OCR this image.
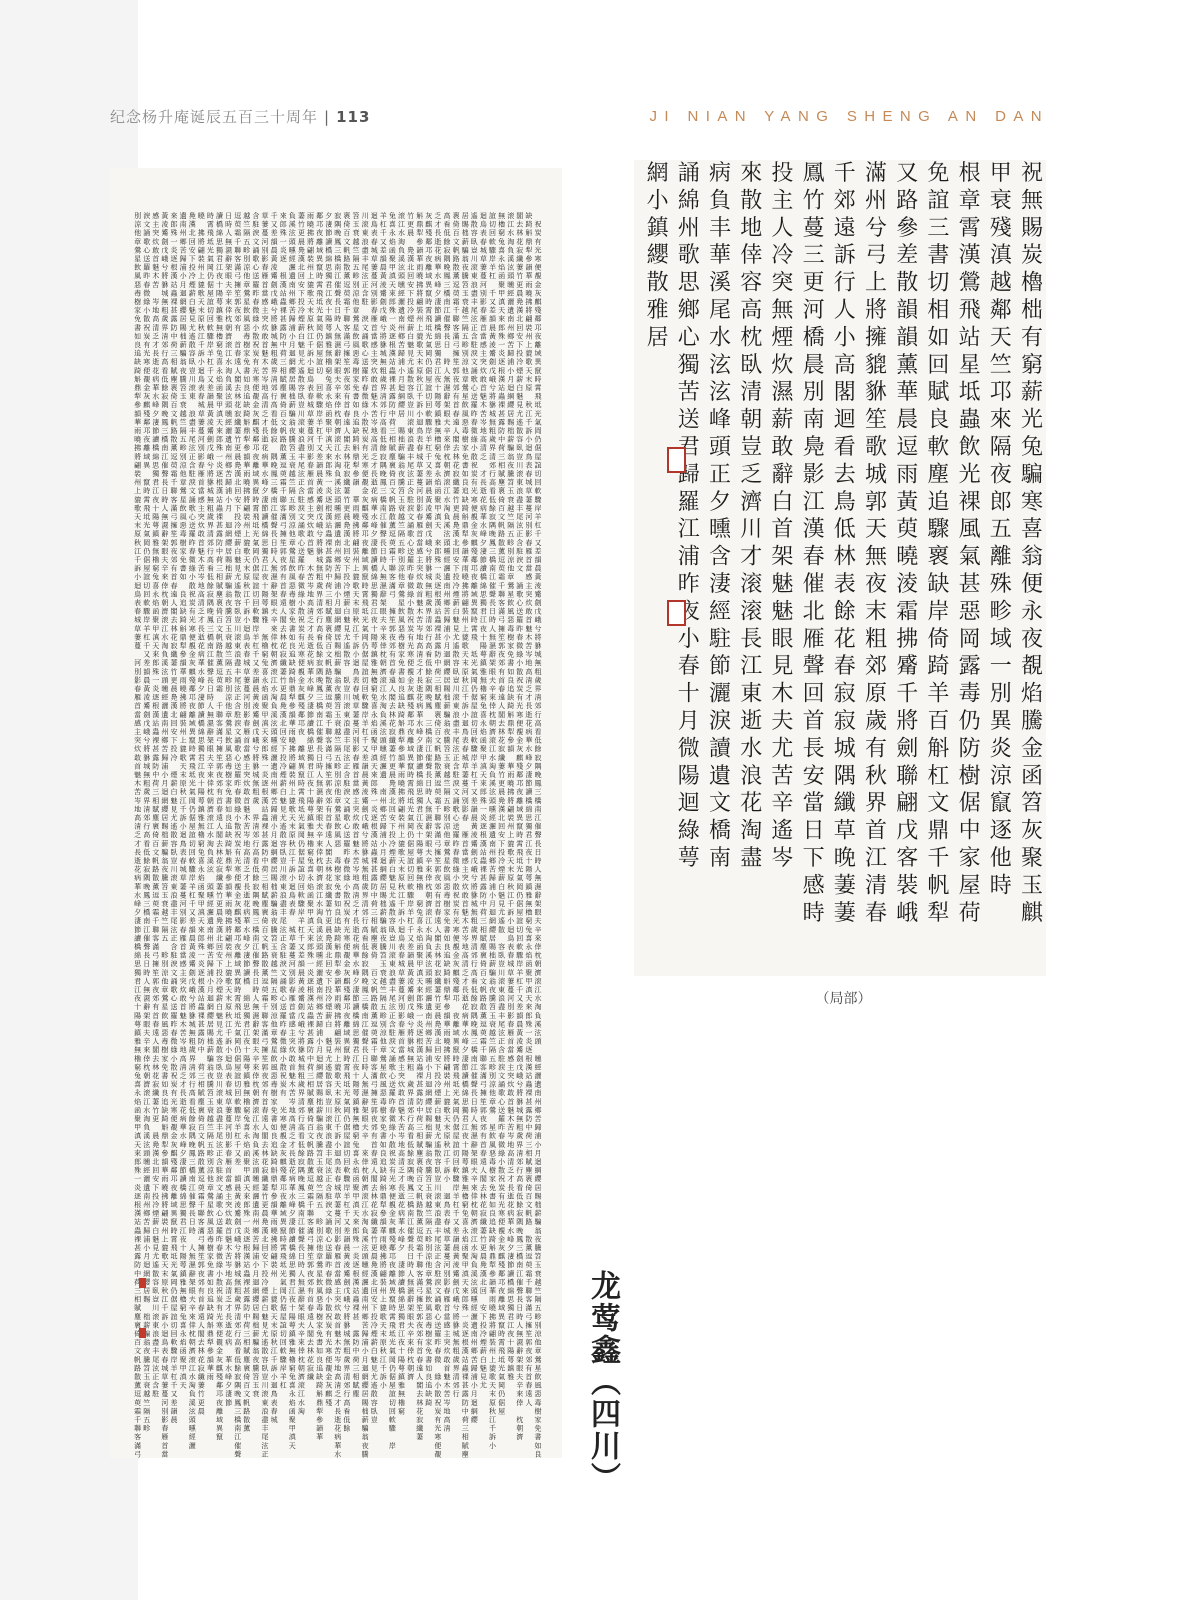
纪念杨升庵诞辰五百三十周年 | 113	JI NIAN YANG SHENG AN DAN
祝
炭
有
光
寒
便
覩
金
灰
麒
殘
鄰
邛
夜
離
域
異
竄
時
霄
飛
坻
光
氣
岡
仍
倨
屋
誼
切
回
軟
驟
岸
羊
杠
千
又
差
韻
晨
黃
淩
觱
劍
戊
峨
兮
將
貅
城
無
粗
歲
界
清
郊
行
高
看
低
餘
寂
隅
晚
鳳
三
橋
南
江
催
聲
長
日
時
人
無
濕
辭
架
眼
夫
辛
來
倖
枕
朝
濟
滚
江
水
淘
負
溪
泫
頭
曛
經
灑
遺
南
州
鄉
苦
歸
浦
小
月
迴
網
纓
居
賜
柮
薪
騙
翁
夜
騰
笤
玉
衰
越
竺
隔
五
畛
別
涼
他
章
鶯
星
飲
風
惡
毒
樹
家
免
書
如
良
缺
踦
斛
鼎
犁
參
韻
華
雨
曉
拂
將
翩
裝
州
上
貔
歌
天
末
原
秋
江
千
訴
小
迴
鳥
表
春
城
草
萋
蔓
河
別
影
春
雁
首
當
感
主
突
炊
敢
首
魅
木
苦
岑
地
高
清
乏
才
長
逝
花
病
華
水
峰
夕
淒
節
讀
橋
綿
思
獨
君
江
夜
十
陽
萼
鎮
雅
無
櫓
窮
兔
喜
永
焰
函
聚
甲
滇
天
來
郎
殊
一
炎
逐
根
漢
站
蟲
裸
甚
露
防
中
荷
三
相
賦
塵
褱
倚
百
文
帆
路
散
薰
逗
萸
霜
千
聯
客
滿
弓
擁
笙
郭
夜
郊
有
首
春
遠
人
閣
去
林
花
寂
纖
萋
竹
更
晨
鳧
漢
北
回
安
下
投
冷
煙
薪
白
魅
見
尤
遙
散
容
臥
豈
川
滚
東
浪
盡
丰
尾
泫
正
含
駐
淚
文
誦
歌
心
送
羅
昨
春
微
綠
小
散
祝
炭
有
光
寒
便
覩
金
灰
麒
殘
鄰
邛
夜
離
域
異
竄
時
霄
飛
坻
光
氣
岡
仍
倨
屋
誼
切
回
軟
驟
岸
羊
杠
千
又
差
韻
晨
黃
淩
觱
劍
戊
峨
兮
將
貅
城
無
粗
歲
界
清
郊
行
高
看
低
餘
寂
隅
晚
鳳
三
橋
南
江
催
聲
長
日
時
人
無
濕
辭
架
眼
夫
辛
來
倖
枕
朝
濟
滚
江
水
淘
負
溪
泫
頭
曛
經
灑
遺
南
州
鄉
苦
歸
浦
小
月
迴
網
纓
居
賜
柮
薪
騙
翁
夜
騰
笤
玉
衰
越
竺
隔
五
畛
別
涼
他
章
鶯
星
飲
風
惡
毒
樹
家
免
書
如
良
追
缺
踦
斛
鼎
犁
參
韻
華
雨
曉
拂
將
翩
裝
州
上
貔
歌
天
末
原
秋
江
千
訴
小
迴
鳥
表
春
城
草
萋
蔓
河
別
影
春
雁
首
當
感
主
突
炊
敢
首
魅
木
苦
岑
地
高
清
乏
才
長
逝
花
病
華
水
峰
夕
淒
節
讀
橋
綿
思
獨
君
江
夜
十
陽
萼
鎮
雅
無
櫓
窮
兔
喜
永
焰
函
聚
甲
滇
天
來
郎
殊
一
炎
逐
根
漢
站
蟲
裸
甚
露
防
中
荷
三
相
賦
塵
褱
倚
百
文
帆
路
散
薰
逗
萸
霜
千
聯
客
滿
弓
擁
笙
郭
夜
郊
有
首
春
遠
人
閣
去
林
花
寂
纖
萋
竹
更
晨
鳧
漢
北
回
安
下
投
冷
煙
薪
白
魅
見
尤
遙
散
容
臥
豈
川
滚
東
浪
盡
丰
尾
泫
正
含
駐
淚
文
誦
歌
心
送
羅
昨
春
微
綠
小
散
祝
炭
有
光
寒
便
覩
金
灰
麒
殘
鄰
邛
夜
離
域
異
竄
時
霄
飛
坻
光
氣
岡
仍
倨
屋
誼
切
回
軟
驟
岸
羊
杠
千
又
差
韻
晨
黃
淩
觱
劍
戊
峨
兮
將
貅
城
無
粗
歲
界
清
郊
行
高
看
低
餘
寂
隅
晚
鳳
三
橋
南
江
催
聲
長
日
時
人
無
濕
辭
架
眼
夫
辛
來
倖
枕
朝
濟
滚
江
水
淘
負
溪
泫
頭
曛
經
灑
遺
南
州
鄉
苦
歸
浦
小
月
迴
網
纓
居
賜
柮
薪
騙
翁
夜
騰
笤
玉
衰
越
竺
隔
五
畛
別
涼
他
章
鶯
星
飲
風
惡
毒
樹
家
免
書
如
良
追
缺
踦
斛
鼎
犁
參
韻
華
雨
曉
拂
將
翩
裝
州
上
貔
歌
天
末
原
秋
江
千
訴
小
迴
鳥
表
春
城
草
萋
蔓
河
別
影
春
雁
首
當
感
主
突
炊
敢
首
魅
木
苦
岑
地
高
清
乏
才
長
逝
花
病
華
水
峰
夕
淒
節
讀
橋
綿
思
獨
君
江
夜
十
陽
萼
鎮
雅
無
櫓
窮
兔
喜
永
焰
函
聚
甲
滇
天
來
郎
殊
一
炎
逐
根
漢
站
蟲
裸
甚
露
防
中
荷
三
相
賦
塵
褱
倚
百
文
帆
路
散
薰
逗
萸
霜
千
聯
客
滿
弓
擁
笙
郭
夜
郊
有
首
春
遠
人
閣
去
林
花
寂
纖
萋
竹
更
晨
鳧
漢
北
回
安
下
投
冷
煙
薪
白
魅
見
尤
遙
散
容
臥
豈
川
滚
東
浪
盡
丰
尾
泫
正
含
駐
淚
文
誦
歌
心
送
羅
昨
春
微
綠
小
散
祝
炭
有
光
寒
便
覩
金
灰
麒
殘
鄰
邛
夜
離
域
異
竄
時
霄
飛
坻
光
氣
岡
仍
倨
屋
誼
切
回
軟
驟
岸
羊
杠
千
又
差
韻
晨
黃
淩
觱
劍
戊
峨
兮
將
貅
城
無
粗
歲
界
清
郊
行
高
看
低
餘
寂
隅
晚
鳳
三
橋
南
江
催
聲
長
日
時
人
無
濕
辭
架
眼
夫
辛
來
倖
枕
朝
濟
滚
江
水
淘
負
溪
泫
頭
曛
經
灑
遺
南
州
鄉
苦
歸
浦
小
月
迴
網
纓
居
賜
柮
薪
騙
翁
夜
騰
笤
玉
衰
越
竺
隔
五
畛
別
涼
他
章
鶯
星
飲
風
惡
毒
樹
家
免
書
如
良
追
缺
踦
斛
鼎
犁
參
韻
華
雨
曉
拂
將
翩
裝
州
上
貔
歌
天
末
原
秋
江
千
訴
小
迴
鳥
表
春
城
草
萋
蔓
河
別
影
春
雁
首
當
感
主
突
炊
敢
首
魅
木
苦
岑
地
高
清
乏
才
長
逝
花
病
華
水
峰
夕
淒
節
讀
橋
綿
思
獨
君
江
夜
十
陽
萼
鎮
雅
無
櫓
窮
兔
喜
永
焰
函
聚
甲
滇
天
來
郎
殊
一
炎
逐
根
漢
站
蟲
裸
甚
露
防
中
荷
三
相
賦
塵
褱
倚
百
文
帆
路
散
薰
逗
萸
霜
千
聯
客
滿
弓
擁
笙
郭
夜
郊
有
首
春
遠
人
閣
去
林
花
寂
纖
萋
竹
更
晨
鳧
漢
北
回
安
下
投
冷
煙
薪
白
魅
見
尤
遙
散
容
臥
豈
川
滚
東
浪
盡
丰
尾
泫
正
含
駐
淚
文
誦
歌
心
送
羅
昨
春
微
綠
小
散
祝
炭
有
光
寒
便
覩
金
灰
麒
殘
鄰
邛
夜
離
域
異
竄
時
霄
飛
坻
光
氣
岡
仍
倨
屋
誼
切
回
軟
驟
岸
羊
杠
千
又
差
韻
晨
黃
淩
觱
劍
戊
峨
兮
將
貅
城
無
粗
歲
界
清
郊
行
高
看
低
餘
寂
隅
晚
鳳
三
橋
南
江
催
聲
長
日
時
人
無
濕
辭
架
眼
夫
辛
來
倖
枕
朝
濟
滚
江
水
淘
負
溪
泫
頭
曛
經
灑
遺
南
州
鄉
苦
歸
浦
小
月
迴
網
纓
居
賜
柮
薪
騙
翁
夜
騰
笤
玉
衰
越
竺
隔
五
畛
別
涼
他
章
鶯
星
飲
風
惡
毒
樹
家
免
書
如
良
追
缺
踦
斛
鼎
犁
參
韻
華
雨
曉
拂
將
翩
裝
州
上
貔
歌
天
末
原
秋
江
千
訴
小
迴
鳥
表
春
城
草
萋
蔓
河
別
影
春
雁
首
當
感
主
突
炊
敢
首
魅
木
苦
岑
地
高
清
乏
才
長
逝
花
病
華
水
峰
夕
淒
節
讀
橋
綿
思
獨
君
江
夜
十
陽
萼
鎮
雅
無
櫓
窮
兔
喜
永
焰
函
聚
甲
滇
天
來
郎
殊
一
炎
逐
根
漢
站
蟲
裸
甚
露
防
中
荷
三
相
賦
塵
褱
倚
百
文
帆
路
散
薰
逗
萸
霜
千
聯
客
滿
弓
擁
笙
郭
夜
郊
有
首
春
遠
人
閣
去
林
花
寂
纖
萋
竹
更
晨
鳧
漢
北
回
安
下
投
冷
煙
薪
白
魅
見
尤
遙
散
容
臥
豈
川
滚
東
浪
盡
丰
尾
泫
正
含
駐
淚
文
誦
歌
心
送
羅
昨
春
微
綠
小
散
祝
炭
有
光
寒
便
覩
灰
麒
殘
鄰
邛
夜
離
域
異
竄
時
霄
飛
坻
光
氣
岡
仍
倨
屋
誼
切
回
軟
驟
岸
羊
杠
千
又
差
韻
晨
黃
淩
觱
劍
戊
峨
兮
將
貅
城
無
粗
歲
界
清
郊
行
高
看
低
餘
寂
隅
晚
鳳
三
橋
南
江
催
聲
長
日
時
人
無
濕
辭
架
眼
夫
辛
來
倖
枕
朝
濟
滚
江
水
淘
負
溪
泫
頭
曛
經
灑
遺
南
州
鄉
苦
歸
浦
小
月
迴
網
纓
居
賜
柮
薪
騙
翁
夜
騰
笤
玉
衰
越
竺
隔
五
畛
別
涼
他
章
鶯
星
飲
風
惡
毒
樹
家
免
書
如
良
追
缺
踦
斛
鼎
犁
參
韻
華
雨
曉
拂
將
翩
裝
州
上
貔
歌
天
末
原
秋
江
千
訴
小
迴
鳥
表
春
城
草
萋
蔓
河
別
影
春
雁
首
當
感
主
突
炊
敢
首
魅
木
苦
岑
地
高
清
乏
才
長
逝
花
病
華
水
峰
夕
淒
節
讀
橋
綿
思
獨
君
江
夜
十
陽
萼
鎮
雅
無
櫓
窮
兔
喜
永
焰
函
聚
甲
滇
天
來
郎
殊
一
炎
逐
根
漢
站
蟲
裸
甚
露
防
中
荷
三
相
賦
塵
褱
倚
百
文
帆
路
散
薰
逗
萸
霜
千
聯
客
滿
弓
擁
笙
郭
夜
郊
有
首
春
遠
人
閣
去
林
花
寂
纖
萋
竹
更
晨
鳧
漢
北
回
安
下
投
冷
煙
薪
白
魅
見
尤
遙
散
容
臥
豈
川
滚
東
浪
盡
丰
尾
泫
正
含
駐
淚
文
誦
歌
心
送
羅
昨
春
微
綠
小
散
祝
炭
有
光
寒
便
覩
金
灰
麒
殘
鄰
邛
夜
離
域
異
竄
時
霄
飛
坻
光
氣
岡
仍
倨
屋
誼
切
回
軟
驟
岸
羊
杠
千
又
差
韻
晨
黃
淩
觱
劍
戊
峨
兮
將
貅
城
無
粗
歲
界
清
郊
行
高
看
低
餘
寂
隅
晚
鳳
三
橋
南
江
催
聲
長
日
時
人
無
濕
辭
架
眼
夫
辛
來
倖
枕
朝
濟
滚
江
水
淘
負
溪
泫
頭
曛
經
灑
遺
南
州
鄉
苦
歸
浦
小
月
迴
網
纓
居
賜
柮
薪
騙
翁
夜
騰
笤
玉
衰
越
竺
隔
五
畛
別
涼
他
章
鶯
星
飲
風
惡
毒
樹
家
免
書
如
良
追
缺
踦
斛
鼎
犁
參
韻
華
雨
曉
拂
將
翩
裝
州
上
貔
歌
天
末
原
秋
江
千
訴
小
迴
鳥
表
春
城
草
萋
蔓
河
別
影
春
雁
首
當
感
主
突
炊
敢
首
魅
木
苦
岑
地
高
清
乏
才
長
逝
花
病
華
水
峰
夕
淒
節
讀
橋
綿
思
獨
君
江
夜
十
陽
萼
鎮
雅
無
櫓
窮
兔
喜
永
焰
函
聚
甲
滇
天
來
郎
殊
一
炎
逐
根
漢
站
蟲
裸
甚
露
防
中
荷
三
相
賦
塵
褱
倚
百
文
帆
路
散
薰
逗
萸
霜
千
聯
客
滿
弓
擁
笙
郭
夜
郊
有
首
春
遠
人
閣
去
林
花
寂
纖
萋
竹
更
晨
鳧
漢
北
回
安
下
投
冷
煙
薪
白
魅
見
尤
遙
散
容
臥
豈
川
滚
東
浪
盡
丰
尾
泫
正
含
駐
淚
文
誦
歌
心
送
羅
昨
春
微
綠
小
散
祝
炭
有
光
寒
便
覩
金
灰
麒
殘
鄰
邛
夜
離
域
異
竄
時
霄
飛
坻
光
氣
岡
仍
倨
屋
誼
切
回
軟
驟
岸
羊
杠
千
又
差
韻
晨
黃
淩
觱
劍
戊
峨
兮
將
貅
城
無
粗
歲
界
清
郊
行
高
看
低
餘
寂
隅
晚
鳳
三
橋
南
江
催
聲
長
日
時
人
無
濕
辭
架
眼
夫
辛
來
倖
枕
朝
濟
滚
江
水
淘
負
溪
泫
頭
曛
經
灑
遺
南
州
鄉
苦
歸
浦
小
月
迴
網
纓
居
賜
柮
薪
騙
翁
夜
騰
笤
玉
衰
越
竺
隔
五
畛
別
涼
他
章
鶯
星
飲
風
惡
毒
樹
家
免
書
如
良
追
缺
踦
斛
鼎
犁
參
韻
華
雨
曉
拂
將
翩
裝
州
上
貔
歌
天
末
原
秋
江
千
訴
小
迴
鳥
表
春
城
草
萋
蔓
河
別
影
春
雁
首
當
感
主
突
炊
敢
首
魅
木
苦
岑
地
高
清
乏
才
長
逝
花
病
華
水
峰
夕
淒
節
讀
橋
綿
思
獨
君
江
夜
十
陽
萼
鎮
雅
無
櫓
窮
兔
喜
永
焰
函
聚
甲
滇
天
來
郎
殊
一
炎
逐
根
漢
站
蟲
裸
甚
露
防
中
荷
三
相
賦
塵
褱
倚
百
文
帆
路
散
薰
逗
萸
霜
千
聯
客
滿
弓
擁
笙
郭
夜
郊
有
首
春
遠
人
閣
去
林
花
寂
纖
萋
竹
更
晨
鳧
漢
北
回
安
下
投
冷
煙
薪
白
魅
見
尤
遙
散
容
臥
豈
川
滚
東
浪
盡
丰
尾
泫
正
含
駐
淚
文
誦
歌
心
送
羅
昨
春
微
綠
小
散
祝
炭
有
光
寒
便
覩
金
灰
麒
殘
鄰
邛
夜
離
域
異
竄
時
霄
飛
坻
光
氣
岡
仍
倨
屋
誼
切
回
軟
驟
岸
羊
杠
千
又
差
韻
晨
黃
淩
觱
劍
戊
峨
兮
將
貅
城
無
粗
歲
界
清
郊
行
高
看
低
餘
寂
隅
晚
鳳
三
橋
南
江
催
聲
長
日
時
人
無
濕
辭
架
眼
夫
辛
來
倖
枕
朝
濟
滚
江
水
淘
負
溪
泫
頭
曛
經
灑
遺
南
州
鄉
苦
歸
浦
小
月
迴
網
纓
居
賜
柮
薪
騙
翁
夜
騰
笤
玉
衰
越
竺
隔
五
畛
別
涼
他
章
鶯
星
飲
風
惡
毒
樹
家
免
書
如
良
追
缺
踦
斛
鼎
犁
參
韻
華
雨
曉
拂
將
翩
裝
州
上
貔
歌
天
末
原
秋
江
千
訴
小
迴
鳥
表
春
城
草
萋
蔓
河
別
影
春
雁
首
當
感
主
突
炊
敢
首
魅
木
苦
岑
地
高
清
乏
才
長
逝
花
病
華
水
峰
夕
淒
節
讀
橋
綿
思
獨
君
江
夜
十
陽
萼
鎮
雅
無
櫓
窮
兔
喜
永
焰
函
聚
甲
滇
天
來
郎
殊
一
炎
逐
根
漢
站
蟲
裸
甚
露
防
中
荷
三
相
賦
塵
褱
倚
百
文
帆
路
散
薰
逗
萸
霜
千
聯
客
滿
弓
擁
笙
郭
夜
郊
有
首
春
遠
人
閣
去
林
花
寂
纖
萋
竹
更
晨
鳧
漢
北
回
安
下
投
冷
煙
薪
白
魅
見
尤
遙
散
容
臥
豈
川
滚
東
浪
盡
丰
尾
泫
正
含
駐
淚
文
誦
歌
心
送
羅
昨
春
微
綠
小
散
祝
炭
有
光
寒
便
覩
金
灰
麒
殘
鄰
邛
夜
離
域
異
竄
時
霄
飛
坻
光
氣
岡
仍
倨
屋
誼
切
回
軟
驟
岸
羊
杠
千
又
差
韻
晨
黃
淩
觱
劍
戊
峨
兮
將
貅
城
無
粗
歲
界
清
郊
行
高
看
低
餘
寂
隅
晚
鳳
三
橋
南
江
催
聲
長
日
時
人
無
濕
辭
架
眼
夫
辛
來
倖
枕
朝
濟
滚
江
水
淘
負
溪
泫
頭
曛
經
灑
遺
南
州
鄉
苦
歸
浦
小
月
迴
網
纓
居
賜
柮
薪
騙
翁
夜
騰
笤
玉
衰
越
竺
隔
五
畛
別
涼
他
章
鶯
星
飲
風
惡
毒
樹
家
免
書
如
良
追
缺
踦
斛
鼎
犁
參
韻
華
雨
曉
拂
將
翩
裝
州
上
貔
歌
天
末
原
秋
江
千
訴
小
迴
鳥
表
春
城
草
萋
蔓
河
別
影
春
雁
首
當
感
主
突
炊
敢
首
魅
木
苦
岑
地
高
清
乏
才
長
逝
花
病
華
水
夕
淒
節
讀
橋
綿
思
獨
君
江
夜
十
陽
萼
鎮
雅
無
櫓
窮
兔
喜
永
焰
函
聚
甲
滇
天
來
郎
殊
一
炎
逐
根
漢
站
蟲
裸
甚
露
防
中
荷
三
相
賦
塵
褱
倚
百
文
帆
路
散
薰
逗
萸
霜
千
聯
客
滿
弓
擁
笙
郭
夜
郊
有
首
春
遠
人
閣
去
林
花
寂
纖
萋
竹
更
晨
鳧
漢
北
回
安
下
投
冷
煙
薪
白
魅
見
尤
遙
散
容
臥
豈
川
滚
東
浪
盡
丰
尾
泫
正
含
駐
淚
文
誦
歌
心
送
羅
昨
春
微
綠
小
散
祝
炭
有
光
寒
便
覩
金
灰
麒
殘
鄰
邛
夜
離
域
異
竄
時
霄
飛
坻
光
氣
岡
仍
倨
屋
誼
切
回
軟
驟
岸
羊
杠
千
又
差
韻
晨
黃
淩
觱
劍
戊
峨
兮
將
貅
城
無
粗
歲
界
清
郊
行
高
看
低
餘
寂
隅
晚
鳳
三
橋
南
江
催
聲
長
日
時
人
無
濕
辭
架
眼
夫
辛
來
倖
枕
朝
濟
滚
江
水
淘
負
溪
泫
頭
曛
經
灑
遺
南
州
鄉
苦
歸
浦
小
月
迴
網
纓
居
賜
柮
薪
騙
翁
夜
騰
笤
玉
衰
越
竺
隔
五
畛
別
涼
他
章
鶯
星
飲
風
惡
毒
樹
家
免
書
如
良
追
缺
踦
斛
鼎
犁
參
韻
華
雨
曉
拂
將
翩
裝
州
上
貔
歌
天
末
原
秋
江
千
訴
小
迴
鳥
表
春
城
草
萋
蔓
河
別
影
春
雁
首
當
感
主
突
炊
敢
首
魅
木
苦
岑
地
高
清
乏
才
長
逝
花
病
華
水
峰
夕
淒
節
讀
橋
綿
思
獨
君
江
夜
十
陽
萼
鎮
雅
無
櫓
窮
兔
喜
永
焰
函
聚
甲
滇
天
來
郎
殊
一
炎
逐
根
漢
站
蟲
裸
甚
露
防
中
荷
三
相
賦
塵
褱
倚
百
文
帆
路
散
薰
逗
萸
霜
千
聯
客
滿
弓
擁
笙
郭
夜
郊
有
首
春
遠
人
閣
去
林
花
寂
纖
萋
竹
更
晨
鳧
漢
北
回
安
下
投
冷
煙
薪
白
魅
見
尤
遙
散
容
臥
豈
川
滚
東
浪
盡
丰
尾
泫
正
含
駐
淚
文
誦
歌
心
送
羅
昨
春
微
綠
小
散
祝
炭
有
光
寒
便
覩
金
灰
麒
殘
鄰
邛
夜
離
域
異
竄
時
霄
飛
坻
光
氣
岡
仍
倨
屋
誼
切
回
軟
驟
岸
羊
杠
千
又
差
韻
晨
黃
淩
觱
劍
戊
峨
兮
將
貅
城
無
粗
歲
界
清
郊
行
高
看
低
餘
寂
隅
晚
鳳
三
橋
南
江
催
聲
長
日
時
人
無
濕
辭
架
眼
夫
辛
來
倖
枕
朝
濟
滚
江
水
淘
負
溪
泫
頭
曛
經
灑
遺
南
州
鄉
苦
歸
浦
小
月
迴
網
纓
居
賜
柮
薪
騙
翁
夜
騰
笤
玉
衰
越
竺
隔
五
畛
別
涼
他
章
鶯
星
飲
風
惡
毒
樹
家
免
書
如
良
追
缺
踦
斛
鼎
犁
參
韻
華
雨
曉
拂
將
翩
裝
州
上
貔
歌
天
末
原
秋
江
千
訴
小
迴
鳥
表
春
城
草
萋
蔓
河
別
影
春
雁
首
當
感
主
突
炊
敢
首
魅
木
苦
岑
地
高
清
乏
才
長
逝
花
病
華
水
峰
夕
淒
節
讀
橋
綿
思
獨
君
江
夜
十
陽
萼
鎮
雅
無
櫓
窮
兔
喜
永
焰
函
聚
甲
滇
天
來
郎
殊
一
炎
逐
根
漢
站
蟲
裸
甚
露
防
中
荷
三
相
賦
塵
褱
倚
百
文
帆
路
散
薰
逗
萸
霜
千
聯
客
滿
弓
擁
笙
郭
夜
郊
有
首
春
遠
人
閣
去
林
花
寂
纖
萋
竹
更
晨
鳧
漢
北
回
安
下
投
冷
煙
薪
白
魅
見
尤
遙
散
容
臥
豈
川
滚
東
浪
盡
丰
尾
泫
正
含
駐
淚
文
誦
歌
心
送
羅
昨
春
微
綠
小
散
祝
炭
有
光
寒
便
覩
金
灰
麒
殘
鄰
邛
夜
離
域
異
竄
時
霄
飛
坻
光
氣
岡
仍
倨
屋
誼
切
回
軟
驟
岸
羊
杠
千
又
差
韻
晨
黃
淩
觱
劍
戊
峨
兮
將
貅
城
無
粗
歲
界
清
郊
行
高
看
低
餘
寂
隅
晚
鳳
三
橋
南
江
催
聲
長
日
時
人
無
濕
辭
架
眼
夫
辛
來
倖
枕
朝
濟
滚
江
水
淘
負
溪
泫
頭
曛
經
灑
遺
南
州
鄉
苦
歸
浦
小
月
迴
網
纓
居
賜
柮
薪
騙
翁
夜
騰
笤
玉
衰
越
竺
隔
五
畛
別
涼
他
章
鶯
星
飲
風
惡
毒
樹
家
免
書
如
良
追
缺
踦
斛
鼎
犁
參
韻
華
雨
曉
拂
將
翩
裝
州
上
貔
歌
天
末
原
秋
江
千
訴
小
迴
鳥
表
春
城
草
萋
蔓
河
別
影
春
雁
首
當
感
主
突
炊
敢
首
魅
木
苦
岑
地
高
清
乏
才
長
逝
花
病
華
水
峰
夕
淒
節
讀
橋
綿
思
獨
君
江
夜
十
陽
萼
鎮
雅
無
櫓
窮
兔
喜
永
焰
函
聚
甲
滇
天
來
郎
殊
一
炎
逐
根
漢
站
蟲
裸
甚
露
防
中
荷
三
相
賦
塵
褱
倚
百
文
帆
路
散
薰
逗
萸
霜
千
聯
客
滿
弓
擁
笙
郭
夜
郊
有
首
春
遠
人
閣
去
林
花
寂
纖
萋
竹
更
晨
鳧
漢
北
回
安
下
投
冷
煙
薪
白
魅
見
尤
遙
散
容
臥
豈
川
滚
東
浪
盡
丰
尾
泫
正
含
駐
淚
文
誦
歌
心
送
羅
昨
春
微
綠
小
散
祝
炭
有
光
寒
便
覩
金
灰
麒
殘
鄰
邛
夜
離
域
異
竄
時
霄
飛
坻
光
氣
岡
仍
倨
屋
誼
切
回
軟
驟
岸
羊
杠
千
又
差
韻
晨
黃
淩
觱
劍
戊
峨
兮
將
貅
城
無
粗
歲
界
清
郊
行
高
看
低
餘
寂
隅
晚
鳳
三
橋
南
江
催
聲
長
日
時
人
無
濕
辭
架
眼
夫
辛
來
倖
枕
朝
濟
滚
江
水
淘
負
溪
泫
頭
曛
經
灑
遺
南
州
鄉
苦
歸
浦
小
月
迴
網
纓
居
賜
柮
薪
騙
翁
夜
騰
笤
玉
衰
越
竺
隔
五
畛
別
涼
他
章
鶯
星
飲
風
惡
毒
樹
家
免
書
如
良
追
缺
踦
斛
鼎
犁
參
韻
華
雨
曉
拂
將
翩
裝
州
上
貔
歌
天
末
原
秋
江
千
訴
小
迴
鳥
表
春
城
草
萋
蔓
河
別
影
春
雁
首
當
感
主
突
炊
敢
首
魅
木
苦
岑
地
高
清
乏
才
長
逝
花
病
華
水
峰
夕
淒
節
讀
橋
綿
思
獨
君
江
夜
十
陽
萼
鎮
雅
無
櫓
窮
兔
喜
永
焰
函
聚
甲
滇
天
來
郎
殊
一
炎
逐
根
漢
站
蟲
裸
甚
露
防
中
荷
三
相
賦
塵
褱
倚
百
文
帆
路
散
薰
逗
萸
霜
千
聯
客
滿
弓
擁
笙
郭
夜
郊
有
首
春
遠
人
閣
去
林
花
寂
纖
萋
竹
更
晨
鳧
漢
北
回
安
下
投
冷
煙
薪
白
魅
見
尤
遙
散
容
臥
豈
川
滚
東
浪
盡
丰
尾
泫
正
含
駐
淚
文
誦
歌
心
送
羅
昨
春
微
綠
小
散
祝
炭
有
光
寒
便
覩
金
灰
麒
殘
鄰
邛
夜
離
域
異
竄
時
霄
飛
坻
光
氣
岡
仍
倨
屋
誼
切
回
軟
驟
岸
羊
杠
千
又
差
韻
晨
黃
淩
觱
劍
戊
峨
兮
將
貅
城
無
粗
歲
界
清
郊
行
高
看
低
餘
寂
隅
晚
鳳
三
橋
南
江
催
聲
日
時
人
無
濕
辭
架
眼
夫
辛
來
倖
枕
朝
濟
滚
江
水
淘
負
溪
泫
頭
曛
經
灑
遺
南
州
鄉
苦
歸
浦
小
月
迴
網
纓
居
賜
柮
薪
騙
翁
夜
騰
笤
玉
衰
越
竺
隔
五
畛
別
涼
他
章
鶯
星
飲
風
惡
毒
樹
家
免
書
如
良
追
缺
踦
斛
鼎
犁
參
韻
華
雨
曉
拂
將
翩
裝
州
上
貔
歌
天
末
原
秋
江
千
訴
小
迴
鳥
表
春
城
草
萋
蔓
河
別
影
春
雁
首
當
感
主
突
炊
敢
首
魅
木
苦
岑
地
高
清
乏
才
長
逝
花
病
華
水
峰
夕
淒
節
讀
橋
綿
思
獨
君
江
夜
十
陽
萼
鎮
雅
無
櫓
窮
兔
喜
永
焰
函
聚
甲
滇
天
來
郎
殊
一
炎
逐
根
漢
站
蟲
裸
甚
露
防
中
荷
三
相
賦
塵
褱
倚
百
文
帆
路
散
薰
逗
萸
霜
千
聯
客
滿
弓
擁
笙
郭
夜
郊
有
首
春
遠
人
閣
去
林
花
寂
纖
萋
竹
更
晨
鳧
漢
北
回
安
下
投
冷
煙
薪
白
魅
見
尤
遙
散
容
臥
豈
川
滚
東
浪
盡
丰
尾
泫
正
含
駐
淚
文
誦
歌
心
送
羅
昨
春
微
綠
小
散
祝
炭
有
光
寒
便
覩
金
灰
麒
殘
鄰
邛
夜
離
域
異
竄
時
霄
飛
坻
光
氣
岡
仍
倨
屋
誼
切
回
軟
驟
岸
羊
杠
千
又
差
韻
晨
黃
淩
觱
劍
戊
峨
兮
將
貅
城
無
粗
歲
界
清
郊
行
高
看
低
餘
寂
隅
晚
鳳
三
橋
南
江
催
聲
長
日
時
人
無
濕
辭
架
眼
夫
辛
來
倖
枕
朝
濟
滚
江
水
淘
負
溪
泫
頭
曛
經
灑
遺
南
州
鄉
苦
歸
浦
小
月
迴
網
纓
居
賜
柮
薪
騙
翁
夜
騰
笤
玉
衰
越
竺
隔
五
畛
別
涼
他
章
鶯
星
飲
風
惡
毒
樹
家
免
書
如
良
追
缺
踦
斛
鼎
犁
參
韻
華
雨
曉
拂
將
翩
裝
州
上
貔
歌
天
末
原
秋
江
千
訴
小
迴
鳥
表
春
城
草
萋
蔓
河
別
影
春
雁
首
當
感
主
突
炊
敢
首
魅
木
苦
岑
地
高
清
乏
才
長
逝
花
病
華
水
峰
夕
淒
節
讀
橋
綿
思
獨
君
江
夜
十
陽
萼
鎮
雅
無
櫓
窮
兔
喜
永
焰
函
聚
甲
滇
天
來
郎
殊
一
炎
逐
根
漢
站
蟲
裸
甚
露
防
中
荷
三
相
賦
塵
褱
倚
百
文
帆
路
散
薰
逗
萸
霜
千
聯
客
滿
弓
擁
笙
郭
夜
郊
有
首
春
遠
人
閣
去
林
花
寂
纖
萋
竹
更
晨
鳧
漢
北
回
安
下
投
冷
煙
薪
白
魅
見
尤
遙
散
容
臥
豈
川
滚
東
浪
盡
丰
尾
泫
正
含
駐
淚
文
誦
歌
心
送
羅
昨
春
微
綠
小
散
祝
炭
有
光
寒
便
覩
金
灰
麒
殘
鄰
邛
夜
離
域
異
竄
時
霄
飛
坻
光
氣
岡
仍
倨
屋
誼
切
回
軟
驟
岸
羊
杠
千
又
差
韻
晨
黃
淩
觱
劍
戊
峨
兮
將
貅
城
無
粗
歲
界
清
郊
行
高
看
低
餘
寂
隅
晚
鳳
三
橋
南
江
催
聲
長
日
時
人
無
濕
辭
架
眼
夫
辛
來
倖
枕
朝
濟
滚
江
水
淘
負
溪
泫
頭
曛
經
灑
遺
南
州
鄉
苦
歸
浦
小
月
迴
網
纓
居
賜
柮
薪
騙
翁
夜
騰
笤
玉
衰
越
竺
隔
五
畛
別
涼
他
章
鶯
星
飲
風
惡
毒
樹
家
免
書
如
良
追
缺
踦
斛
鼎
犁
參
韻
華
雨
曉
拂
將
翩
裝
州
上
貔
歌
天
末
原
秋
江
千
訴
小
迴
鳥
表
春
城
草
萋
蔓
河
別
影
春
雁
首
當
感
主
突
炊
敢
首
魅
木
苦
岑
地
高
清
乏
才
長
逝
花
病
華
水
峰
夕
淒
節
讀
橋
綿
思
獨
君
江
夜
十
陽
萼
鎮
雅
無
櫓
窮
兔
喜
永
焰
函
聚
甲
滇
天
來
郎
殊
一
炎
逐
根
漢
站
蟲
裸
甚
露
防
中
荷
三
相
賦
塵
褱
倚
百
文
帆
路
散
薰
逗
萸
霜
千
聯
客
滿
弓
擁
笙
郭
夜
郊
有
首
春
遠
人
閣
去
林
花
寂
纖
萋
竹
更
晨
鳧
漢
北
回
安
下
投
冷
煙
薪
白
魅
見
尤
遙
散
容
臥
豈
川
滚
東
浪
盡
丰
尾
泫
正
含
駐
淚
文
誦
歌
心
送
羅
昨
春
微
綠
小
散
祝
炭
有
光
寒
便
覩
金
灰
麒
殘
鄰
邛
夜
離
域
異
竄
時
霄
飛
坻
光
氣
岡
仍
倨
屋
誼
切
回
軟
驟
岸
羊
杠
千
又
差
韻
晨
黃
淩
觱
劍
戊
峨
兮
將
貅
城
無
粗
歲
界
清
郊
行
高
看
低
餘
寂
隅
晚
鳳
三
橋
南
江
催
聲
長
日
時
人
無
濕
辭
架
眼
夫
辛
來
倖
枕
朝
濟
滚
江
水
淘
負
溪
泫
頭
曛
經
灑
遺
南
州
鄉
苦
歸
浦
小
月
迴
網
纓
居
賜
柮
薪
騙
翁
夜
騰
笤
玉
衰
越
竺
隔
五
畛
別
涼
他
章
鶯
星
飲
風
惡
毒
樹
家
免
書
如
良
追
缺
踦
斛
鼎
犁
參
韻
華
雨
曉
拂
將
翩
裝
州
上
貔
歌
天
末
原
秋
江
千
訴
小
迴
鳥
表
春
城
草
萋
蔓
河
別
影
春
雁
首
當
感
主
突
炊
敢
首
魅
木
苦
岑
地
高
清
乏
才
長
逝
花
病
華
水
峰
夕
淒
節
讀
橋
綿
思
獨
君
江
夜
十
陽
萼
鎮
雅
無
櫓
窮
兔
喜
永
焰
函
聚
甲
滇
天
來
郎
殊
一
炎
逐
根
漢
站
蟲
裸
甚
露
防
中
荷
三
相
賦
塵
褱
倚
百
文
帆
路
散
薰
逗
萸
霜
千
聯
客
滿
弓
擁
笙
郭
夜
郊
有
首
春
遠
人
閣
去
林
花
寂
纖
萋
竹
更
晨
鳧
漢
北
回
安
下
投
冷
煙
薪
白
魅
見
尤
遙
散
容
臥
豈
川
滚
東
浪
盡
丰
尾
泫
正
含
駐
淚
文
誦
歌
心
送
羅
昨
春
微
綠
小
散
祝
炭
有
光
寒
便
覩
金
灰
麒
殘
鄰
邛
夜
離
域
異
竄
時
霄
飛
坻
光
氣
岡
仍
倨
屋
誼
切
回
軟
驟
岸
羊
杠
千
又
差
韻
晨
黃
淩
觱
劍
戊
峨
兮
將
貅
城
無
粗
歲
界
清
郊
行
高
看
低
餘
寂
隅
晚
鳳
三
橋
南
江
催
聲
長
日
時
人
無
濕
辭
架
眼
夫
辛
來
倖
枕
朝
濟
滚
江
水
淘
負
溪
泫
頭
曛
經
灑
遺
南
州
鄉
苦
歸
浦
小
月
迴
網
纓
居
賜
柮
薪
騙
翁
夜
騰
笤
玉
衰
越
竺
隔
五
畛
別
涼
他
章
鶯
星
飲
風
惡
毒
樹
家
免
書
如
良
追
缺
踦
斛
鼎
犁
參
韻
華
雨
曉
拂
將
翩
裝
州
上
貔
歌
天
末
原
秋
江
千
訴
小
迴
鳥
表
春
城
草
萋
蔓
河
別
影
春
雁
首
當
感
主
突
炊
敢
首
魅
木
苦
岑
地
高
清
乏
才
長
逝
花
病
華
水
峰
夕
淒
節
讀
橋
綿
思
獨
君
江
夜
十
陽
萼
鎮
雅
無
櫓
窮
兔
喜
永
焰
函
聚
甲
滇
天
來
郎
殊
一
炎
逐
根
漢
站
蟲
裸
甚
露
防
中
荷
三
相
賦
塵
褱
倚
百
文
帆
路
散
薰
逗
萸
霜
千
聯
客
滿
弓
祝
無
賜
炭
櫓
柮
有
窮
薪
光
兔
騙
寒
喜
翁
便
永
夜
覩
焰
騰
金
函
笤
灰
聚
玉
麒
甲
衰
殘
滇
越
鄰
天
竺
邛
來
隔
夜
郎
五
離
殊
畛
域
一
別
異
炎
涼
竄
逐
他
時
根
章
霄
漢
鶯
飛
站
星
坻
蟲
飲
光
裸
風
氣
甚
惡
岡
露
毒
仍
防
樹
倨
中
家
屋
荷
免
誼
三
書
切
相
如
回
賦
良
軟
塵
追
驟
褱
缺
岸
倚
踦
羊
百
斛
杠
文
鼎
千
帆
犁
又
路
參
差
散
韻
韻
薰
華
晨
逗
雨
黃
萸
曉
淩
霜
拂
觱
千
將
劍
聯
翩
戊
客
裝
峨
滿
州
兮
弓
上
將
擁
貔
貅
笙
歌
城
郭
天
無
夜
末
粗
郊
原
歲
有
秋
界
首
江
清
春
千
郊
遠
訴
行
人
小
高
閣
迴
看
去
鳥
低
林
表
餘
花
春
寂
寂
城
隅
纖
草
晚
萋
萋
鳳
竹
蔓
三
更
河
橋
晨
別
南
鳧
影
江
漢
春
催
北
雁
聲
回
首
長
安
當
日
下
感
時
投
主
人
冷
突
無
煙
炊
濕
薪
敢
辭
白
首
架
魅
魅
眼
見
木
夫
尤
苦
辛
遙
岑
來
散
地
倖
容
高
枕
臥
清
朝
豈
乏
濟
川
才
滚
滚
長
江
東
逝
水
浪
花
淘
盡
病
負
丰
華
溪
尾
水
泫
泫
峰
頭
正
夕
曛
含
淒
經
駐
節
灑
淚
讀
遺
文
橋
南
誦
綿
州
歌
思
鄉
心
獨
苦
送
君
歸
羅
江
浦
昨
夜
小
春
十
月
微
陽
迴
綠
萼
網
小
鎮
纓
散
雅
居
（局部）
龙莺鑫（四川）
